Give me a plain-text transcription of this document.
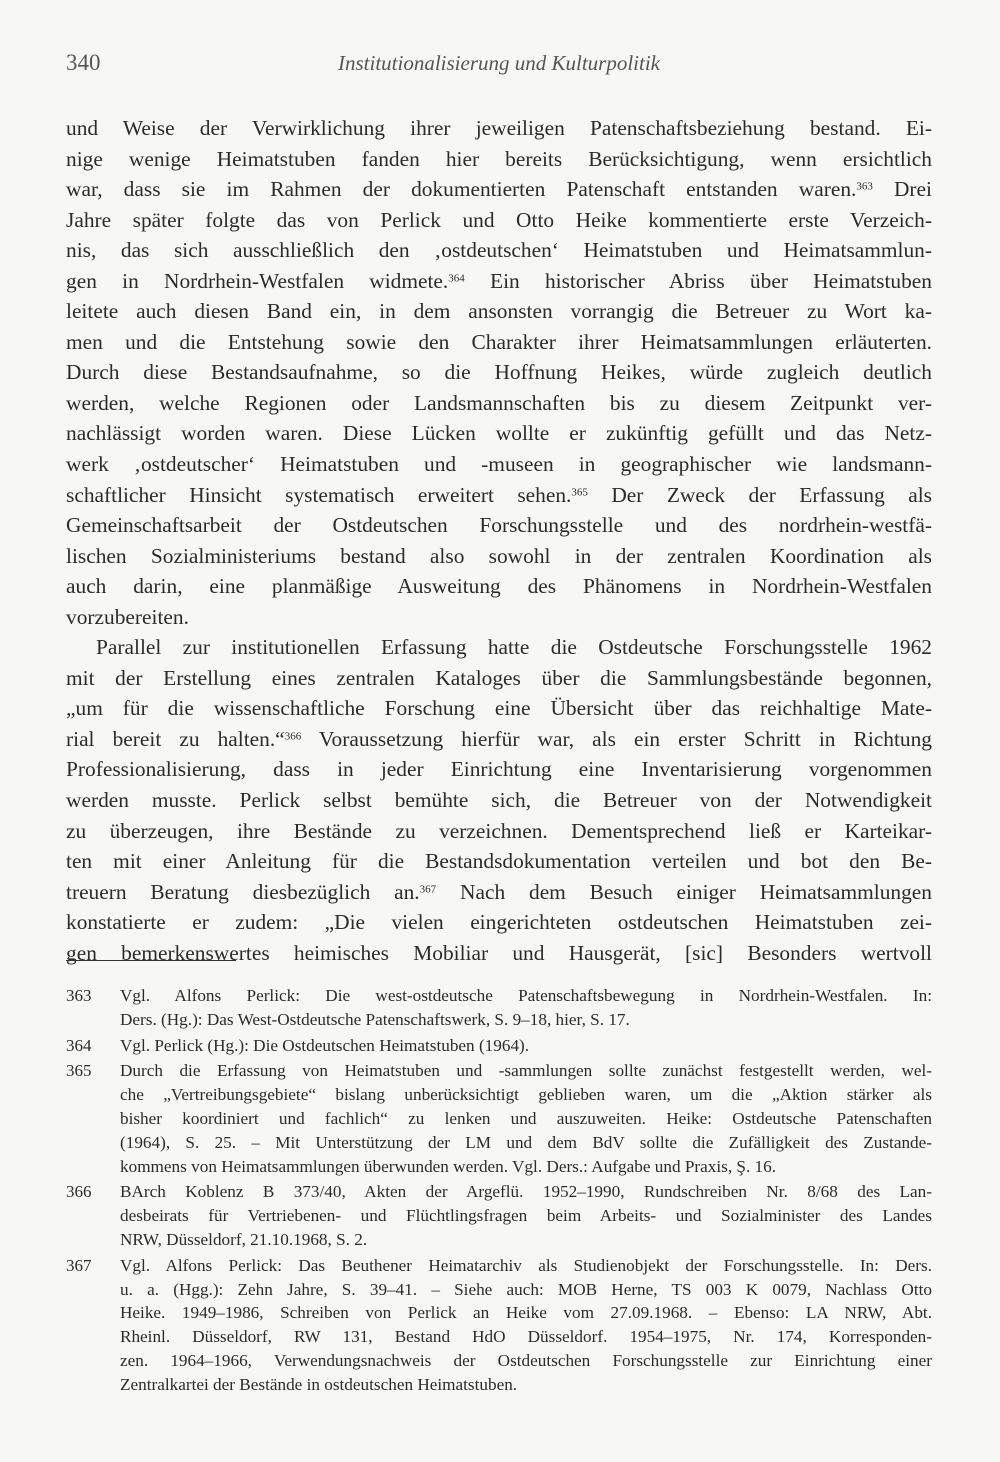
340	Institutionalisierung und Kulturpolitik
und Weise der Verwirklichung ihrer jeweiligen Patenschaftsbeziehung bestand. Ei-
nige wenige Heimatstuben fanden hier bereits Berücksichtigung, wenn ersichtlich
war, dass sie im Rahmen der dokumentierten Patenschaft entstanden waren.$^{363}$ Drei
Jahre später folgte das von Perlick und Otto Heike kommentierte erste Verzeich-
nis, das sich ausschließlich den ‚ostdeutschen‘ Heimatstuben und Heimatsammlun-
gen in Nordrhein-Westfalen widmete.$^{364}$ Ein historischer Abriss über Heimatstuben
leitete auch diesen Band ein, in dem ansonsten vorrangig die Betreuer zu Wort ka-
men und die Entstehung sowie den Charakter ihrer Heimatsammlungen erläuterten.
Durch diese Bestandsaufnahme, so die Hoffnung Heikes, würde zugleich deutlich
werden, welche Regionen oder Landsmannschaften bis zu diesem Zeitpunkt ver-
nachlässigt worden waren. Diese Lücken wollte er zukünftig gefüllt und das Netz-
werk ‚ostdeutscher‘ Heimatstuben und -museen in geographischer wie landsmann-
schaftlicher Hinsicht systematisch erweitert sehen.$^{365}$ Der Zweck der Erfassung als
Gemeinschaftsarbeit der Ostdeutschen Forschungsstelle und des nordrhein-westfä-
lischen Sozialministeriums bestand also sowohl in der zentralen Koordination als
auch darin, eine planmäßige Ausweitung des Phänomens in Nordrhein-Westfalen
vorzubereiten.
Parallel zur institutionellen Erfassung hatte die Ostdeutsche Forschungsstelle 1962
mit der Erstellung eines zentralen Kataloges über die Sammlungsbestände begonnen,
„um für die wissenschaftliche Forschung eine Übersicht über das reichhaltige Mate-
rial bereit zu halten.“$^{366}$ Voraussetzung hierfür war, als ein erster Schritt in Richtung
Professionalisierung, dass in jeder Einrichtung eine Inventarisierung vorgenommen
werden musste. Perlick selbst bemühte sich, die Betreuer von der Notwendigkeit
zu überzeugen, ihre Bestände zu verzeichnen. Dementsprechend ließ er Karteikar-
ten mit einer Anleitung für die Bestandsdokumentation verteilen und bot den Be-
treuern Beratung diesbezüglich an.$^{367}$ Nach dem Besuch einiger Heimatsammlungen
konstatierte er zudem: „Die vielen eingerichteten ostdeutschen Heimatstuben zei-
gen bemerkenswertes heimisches Mobiliar und Hausgerät, [sic] Besonders wertvoll
363 Vgl. Alfons Perlick: Die west-ostdeutsche Patenschaftsbewegung in Nordrhein-Westfalen. In:
Ders. (Hg.): Das West-Ostdeutsche Patenschaftswerk, S. 9–18, hier, S. 17.
364 Vgl. Perlick (Hg.): Die Ostdeutschen Heimatstuben (1964).
365 Durch die Erfassung von Heimatstuben und -sammlungen sollte zunächst festgestellt werden, wel-
che „Vertreibungsgebiete“ bislang unberücksichtigt geblieben waren, um die „Aktion stärker als
bisher koordiniert und fachlich“ zu lenken und auszuweiten. Heike: Ostdeutsche Patenschaften
(1964), S. 25. – Mit Unterstützung der LM und dem BdV sollte die Zufälligkeit des Zustande-
kommens von Heimatsammlungen überwunden werden. Vgl. Ders.: Aufgabe und Praxis, Ş. 16.
366 BArch Koblenz B 373/40, Akten der Argeflü. 1952–1990, Rundschreiben Nr. 8/68 des Lan-
desbeirats für Vertriebenen- und Flüchtlingsfragen beim Arbeits- und Sozialminister des Landes
NRW, Düsseldorf, 21.10.1968, S. 2.
367 Vgl. Alfons Perlick: Das Beuthener Heimatarchiv als Studienobjekt der Forschungsstelle. In: Ders.
u. a. (Hgg.): Zehn Jahre, S. 39–41. – Siehe auch: MOB Herne, TS 003 K 0079, Nachlass Otto
Heike. 1949–1986, Schreiben von Perlick an Heike vom 27.09.1968. – Ebenso: LA NRW, Abt.
Rheinl. Düsseldorf, RW 131, Bestand HdO Düsseldorf. 1954–1975, Nr. 174, Korresponden-
zen. 1964–1966, Verwendungsnachweis der Ostdeutschen Forschungsstelle zur Einrichtung einer
Zentralkartei der Bestände in ostdeutschen Heimatstuben.
